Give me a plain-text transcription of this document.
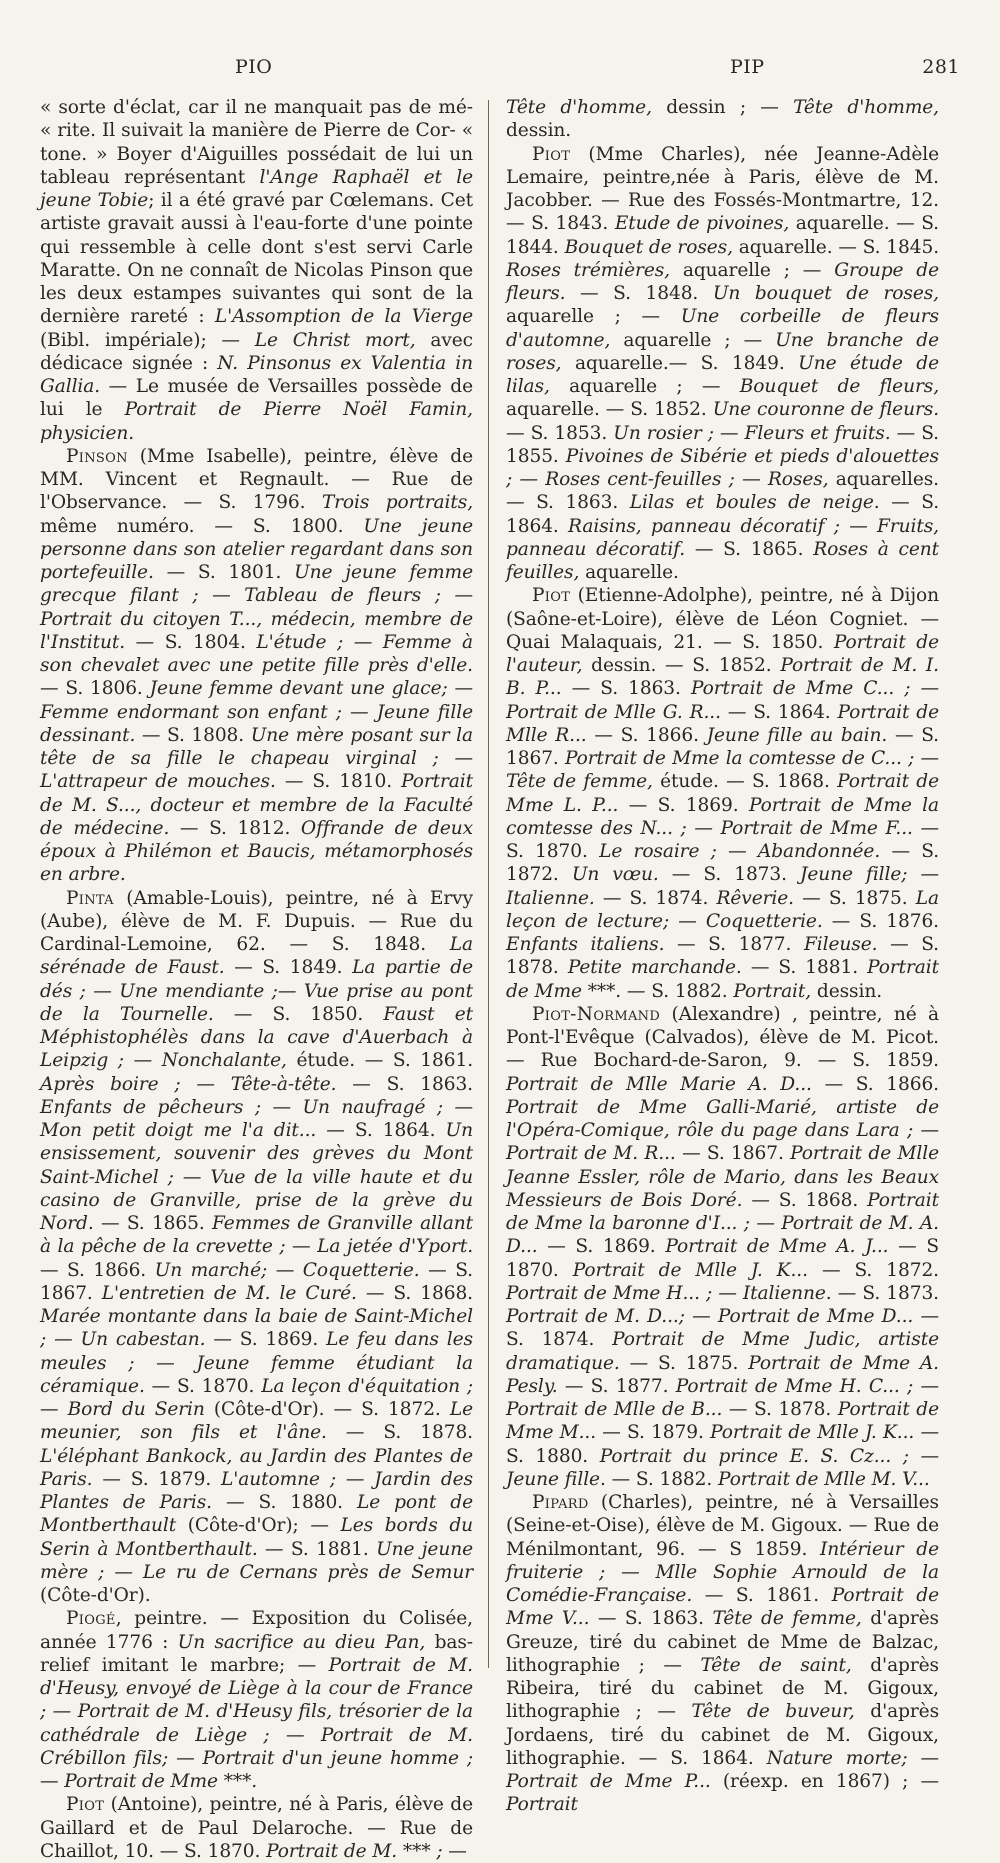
PIO	PIP	281

« sorte d'éclat, car il ne manquait pas de mé- « rite. Il suivait la manière de Pierre de Cor- « tone. » Boyer d'Aiguilles possédait de lui un tableau représentant l'Ange Raphaël et le jeune Tobie; il a été gravé par Cœlemans. Cet artiste gravait aussi à l'eau-forte d'une pointe qui ressemble à celle dont s'est servi Carle Maratte. On ne connaît de Nicolas Pinson que les deux estampes suivantes qui sont de la dernière rareté : L'Assomption de la Vierge (Bibl. impériale); — Le Christ mort, avec dédicace signée : N. Pinsonus ex Valentia in Gallia. — Le musée de Versailles possède de lui le Portrait de Pierre Noël Famin, physicien.

Pinson (Mme Isabelle), peintre, élève de MM. Vincent et Regnault. — Rue de l'Observance. — S. 1796. Trois portraits, même numéro. — S. 1800. Une jeune personne dans son atelier regardant dans son portefeuille. — S. 1801. Une jeune femme grecque filant ; — Tableau de fleurs ; — Portrait du citoyen T..., médecin, membre de l'Institut. — S. 1804. L'étude ; — Femme à son chevalet avec une petite fille près d'elle. — S. 1806. Jeune femme devant une glace; — Femme endormant son enfant ; — Jeune fille dessinant. — S. 1808. Une mère posant sur la tête de sa fille le chapeau virginal ; — L'attrapeur de mouches. — S. 1810. Portrait de M. S..., docteur et membre de la Faculté de médecine. — S. 1812. Offrande de deux époux à Philémon et Baucis, métamorphosés en arbre.

Pinta (Amable-Louis), peintre, né à Ervy (Aube), élève de M. F. Dupuis. — Rue du Cardinal-Lemoine, 62. — S. 1848. La sérénade de Faust. — S. 1849. La partie de dés ; — Une mendiante ;— Vue prise au pont de la Tournelle. — S. 1850. Faust et Méphistophélès dans la cave d'Auerbach à Leipzig ; — Nonchalante, étude. — S. 1861. Après boire ; — Tête-à-tête. — S. 1863. Enfants de pêcheurs ; — Un naufragé ; — Mon petit doigt me l'a dit... — S. 1864. Un ensissement, souvenir des grèves du Mont Saint-Michel ; — Vue de la ville haute et du casino de Granville, prise de la grève du Nord. — S. 1865. Femmes de Granville allant à la pêche de la crevette ; — La jetée d'Yport. — S. 1866. Un marché; — Coquetterie. — S. 1867. L'entretien de M. le Curé. — S. 1868. Marée montante dans la baie de Saint-Michel ; — Un cabestan. — S. 1869. Le feu dans les meules ; — Jeune femme étudiant la céramique. — S. 1870. La leçon d'équitation ; — Bord du Serin (Côte-d'Or). — S. 1872. Le meunier, son fils et l'âne. — S. 1878. L'éléphant Bankock, au Jardin des Plantes de Paris. — S. 1879. L'automne ; — Jardin des Plantes de Paris. — S. 1880. Le pont de Montberthault (Côte-d'Or); — Les bords du Serin à Montberthault. — S. 1881. Une jeune mère ; — Le ru de Cernans près de Semur (Côte-d'Or).

Piogé, peintre. — Exposition du Colisée, année 1776 : Un sacrifice au dieu Pan, bas-relief imitant le marbre; — Portrait de M. d'Heusy, envoyé de Liège à la cour de France ; — Portrait de M. d'Heusy fils, trésorier de la cathédrale de Liège ; — Portrait de M. Crébillon fils; — Portrait d'un jeune homme ; — Portrait de Mme ***.

Piot (Antoine), peintre, né à Paris, élève de Gaillard et de Paul Delaroche. — Rue de Chaillot, 10. — S. 1870. Portrait de M. *** ; —

Tête d'homme, dessin ; — Tête d'homme, dessin.

Piot (Mme Charles), née Jeanne-Adèle Lemaire, peintre,née à Paris, élève de M. Jacobber. — Rue des Fossés-Montmartre, 12. — S. 1843. Etude de pivoines, aquarelle. — S. 1844. Bouquet de roses, aquarelle. — S. 1845. Roses trémières, aquarelle ; — Groupe de fleurs. — S. 1848. Un bouquet de roses, aquarelle ; — Une corbeille de fleurs d'automne, aquarelle ; — Une branche de roses, aquarelle.— S. 1849. Une étude de lilas, aquarelle ; — Bouquet de fleurs, aquarelle. — S. 1852. Une couronne de fleurs. — S. 1853. Un rosier ; — Fleurs et fruits. — S. 1855. Pivoines de Sibérie et pieds d'alouettes ; — Roses cent-feuilles ; — Roses, aquarelles. — S. 1863. Lilas et boules de neige. — S. 1864. Raisins, panneau décoratif ; — Fruits, panneau décoratif. — S. 1865. Roses à cent feuilles, aquarelle.

Piot (Etienne-Adolphe), peintre, né à Dijon (Saône-et-Loire), élève de Léon Cogniet. — Quai Malaquais, 21. — S. 1850. Portrait de l'auteur, dessin. — S. 1852. Portrait de M. I. B. P... — S. 1863. Portrait de Mme C... ; — Portrait de Mlle G. R... — S. 1864. Portrait de Mlle R... — S. 1866. Jeune fille au bain. — S. 1867. Portrait de Mme la comtesse de C... ; — Tête de femme, étude. — S. 1868. Portrait de Mme L. P... — S. 1869. Portrait de Mme la comtesse des N... ; — Portrait de Mme F... — S. 1870. Le rosaire ; — Abandonnée. — S. 1872. Un vœu. — S. 1873. Jeune fille; — Italienne. — S. 1874. Rêverie. — S. 1875. La leçon de lecture; — Coquetterie. — S. 1876. Enfants italiens. — S. 1877. Fileuse. — S. 1878. Petite marchande. — S. 1881. Portrait de Mme ***. — S. 1882. Portrait, dessin.

Piot-Normand (Alexandre) , peintre, né à Pont-l'Evêque (Calvados), élève de M. Picot. — Rue Bochard-de-Saron, 9. — S. 1859. Portrait de Mlle Marie A. D... — S. 1866. Portrait de Mme Galli-Marié, artiste de l'Opéra-Comique, rôle du page dans Lara ; — Portrait de M. R... — S. 1867. Portrait de Mlle Jeanne Essler, rôle de Mario, dans les Beaux Messieurs de Bois Doré. — S. 1868. Portrait de Mme la baronne d'I... ; — Portrait de M. A. D... — S. 1869. Portrait de Mme A. J... — S 1870. Portrait de Mlle J. K... — S. 1872. Portrait de Mme H... ; — Italienne. — S. 1873. Portrait de M. D...; — Portrait de Mme D... — S. 1874. Portrait de Mme Judic, artiste dramatique. — S. 1875. Portrait de Mme A. Pesly. — S. 1877. Portrait de Mme H. C... ; — Portrait de Mlle de B... — S. 1878. Portrait de Mme M... — S. 1879. Portrait de Mlle J. K... — S. 1880. Portrait du prince E. S. Cz... ; — Jeune fille. — S. 1882. Portrait de Mlle M. V...

Pipard (Charles), peintre, né à Versailles (Seine-et-Oise), élève de M. Gigoux. — Rue de Ménilmontant, 96. — S 1859. Intérieur de fruiterie ; — Mlle Sophie Arnould de la Comédie-Française. — S. 1861. Portrait de Mme V... — S. 1863. Tête de femme, d'après Greuze, tiré du cabinet de Mme de Balzac, lithographie ; — Tête de saint, d'après Ribeira, tiré du cabinet de M. Gigoux, lithographie ; — Tête de buveur, d'après Jordaens, tiré du cabinet de M. Gigoux, lithographie. — S. 1864. Nature morte; — Portrait de Mme P... (réexp. en 1867) ; — Portrait
